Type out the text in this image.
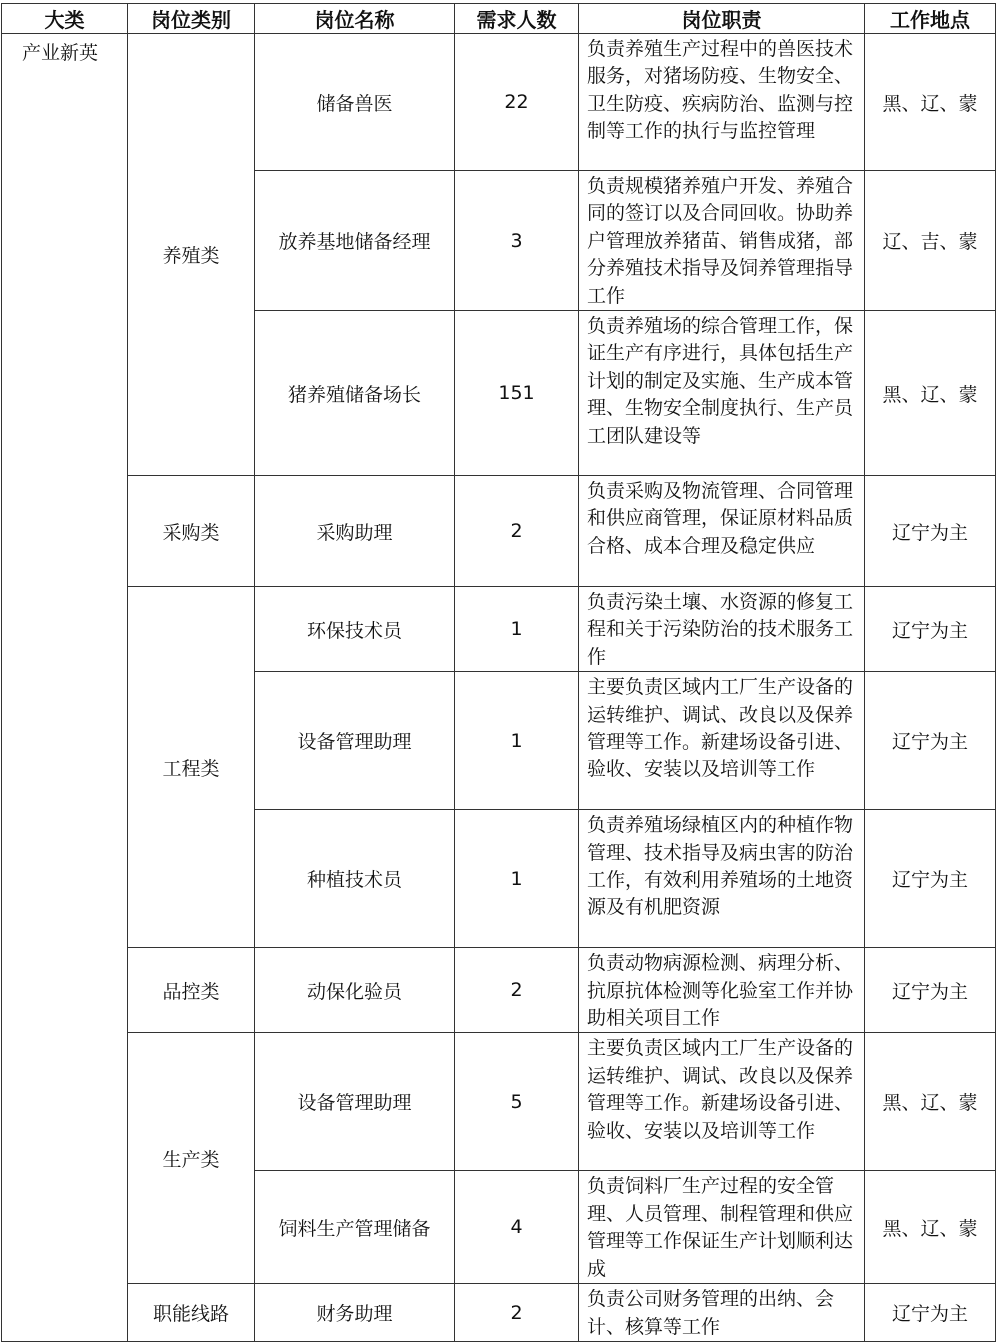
大类	岗位类别	岗位名称	需求人数	岗位职责	工作地点
产业新英	养殖类	储备兽医	22	负责养殖生产过程中的兽医技术服务，对猪场防疫、生物安全、卫生防疫、疾病防治、监测与控制等工作的执行与监控管理	黑、辽、蒙
		放养基地储备经理	3	负责规模猪养殖户开发、养殖合同的签订以及合同回收。协助养户管理放养猪苗、销售成猪，部分养殖技术指导及饲养管理指导工作	辽、吉、蒙
		猪养殖储备场长	151	负责养殖场的综合管理工作，保证生产有序进行，具体包括生产计划的制定及实施、生产成本管理、生物安全制度执行、生产员工团队建设等	黑、辽、蒙
	采购类	采购助理	2	负责采购及物流管理、合同管理和供应商管理，保证原材料品质合格、成本合理及稳定供应	辽宁为主
	工程类	环保技术员	1	负责污染土壤、水资源的修复工程和关于污染防治的技术服务工作	辽宁为主
		设备管理助理	1	主要负责区域内工厂生产设备的运转维护、调试、改良以及保养管理等工作。新建场设备引进、验收、安装以及培训等工作	辽宁为主
		种植技术员	1	负责养殖场绿植区内的种植作物管理、技术指导及病虫害的防治工作，有效利用养殖场的土地资源及有机肥资源	辽宁为主
	品控类	动保化验员	2	负责动物病源检测、病理分析、抗原抗体检测等化验室工作并协助相关项目工作	辽宁为主
	生产类	设备管理助理	5	主要负责区域内工厂生产设备的运转维护、调试、改良以及保养管理等工作。新建场设备引进、验收、安装以及培训等工作	黑、辽、蒙
		饲料生产管理储备	4	负责饲料厂生产过程的安全管理、人员管理、制程管理和供应管理等工作保证生产计划顺利达成	黑、辽、蒙
	职能线路	财务助理	2	负责公司财务管理的出纳、会计、核算等工作	辽宁为主
